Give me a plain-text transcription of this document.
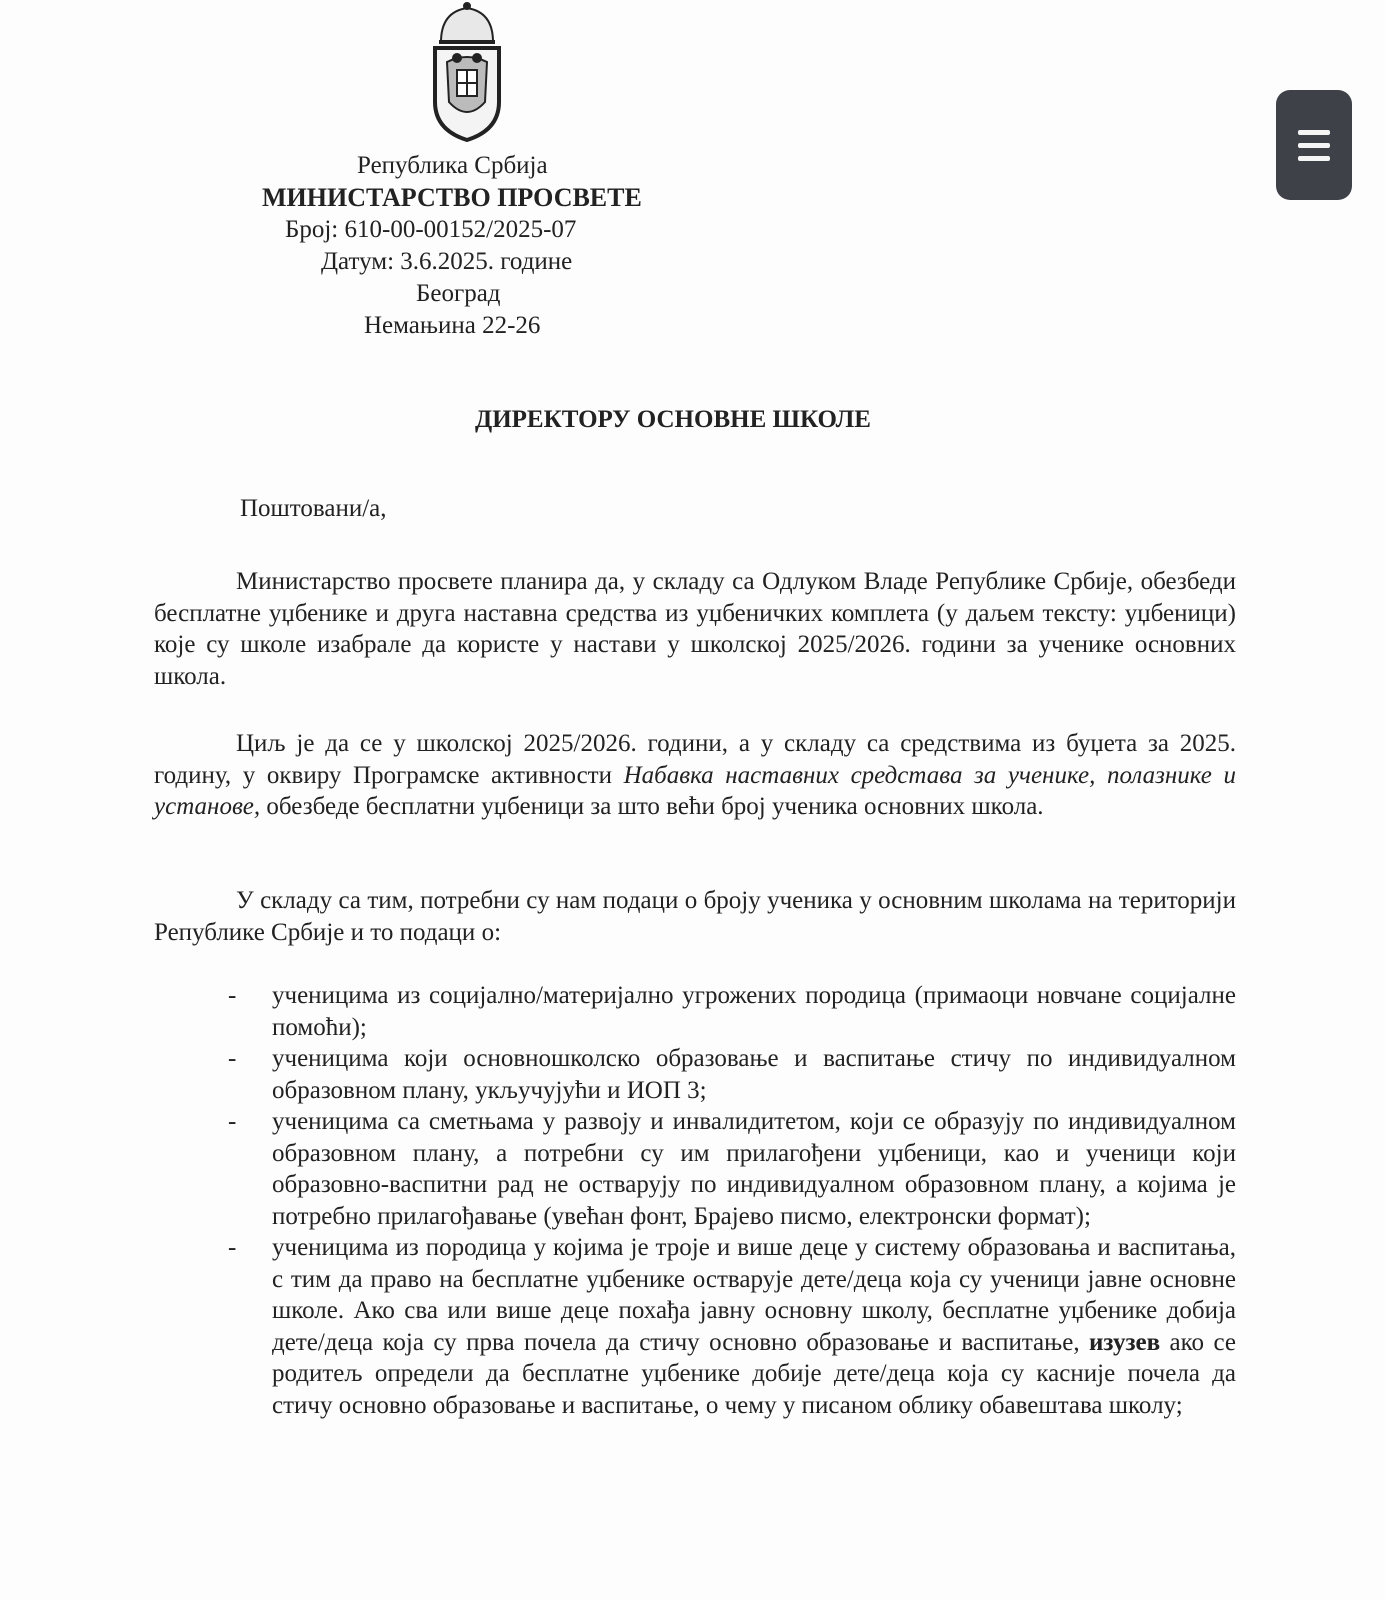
Република Србија
МИНИСТАРСТВО ПРОСВЕТЕ
Број: 610-00-00152/2025-07
Датум: 3.6.2025. године
Београд
Немањина 22-26
ДИРЕКТОРУ ОСНОВНЕ ШКОЛЕ
Поштовани/а,
Министарство просвете планира да, у складу са Одлуком Владе Републике Србије, обезбеди бесплатне уџбенике и друга наставна средства из уџбеничких комплета (у даљем тексту: уџбеници) које су школе изабрале да користе у настави у школској 2025/2026. години за ученике основних школа.
Циљ је да се у школској 2025/2026. години, а у складу са средствима из буџета за 2025. годину, у оквиру Програмске активности Набавка наставних средстава за ученике, полазнике и установе, обезбеде бесплатни уџбеници за што већи број ученика основних школа.
У складу са тим, потребни су нам подаци о броју ученика у основним школама на територији Републике Србије и то подаци о:
- ученицима из социјално/материјално угрожених породица (примаоци новчане социјалне помоћи);
- ученицима који основношколско образовање и васпитање стичу по индивидуалном образовном плану, укључујући и ИОП 3;
- ученицима са сметњама у развоју и инвалидитетом, који се образују по индивидуалном образовном плану, а потребни су им прилагођени уџбеници, као и ученици који образовно-васпитни рад не остварују по индивидуалном образовном плану, а којима је потребно прилагођавање (увећан фонт, Брајево писмо, електронски формат);
- ученицима из породица у којима је троје и више деце у систему образовања и васпитања, с тим да право на бесплатне уџбенике остварује дете/деца која су ученици јавне основне школе. Ако сва или више деце похађа јавну основну школу, бесплатне уџбенике добија дете/деца која су прва почела да стичу основно образовање и васпитање, изузев ако се родитељ определи да бесплатне уџбенике добије дете/деца која су касније почела да стичу основно образовање и васпитање, о чему у писаном облику обавештава школу;
